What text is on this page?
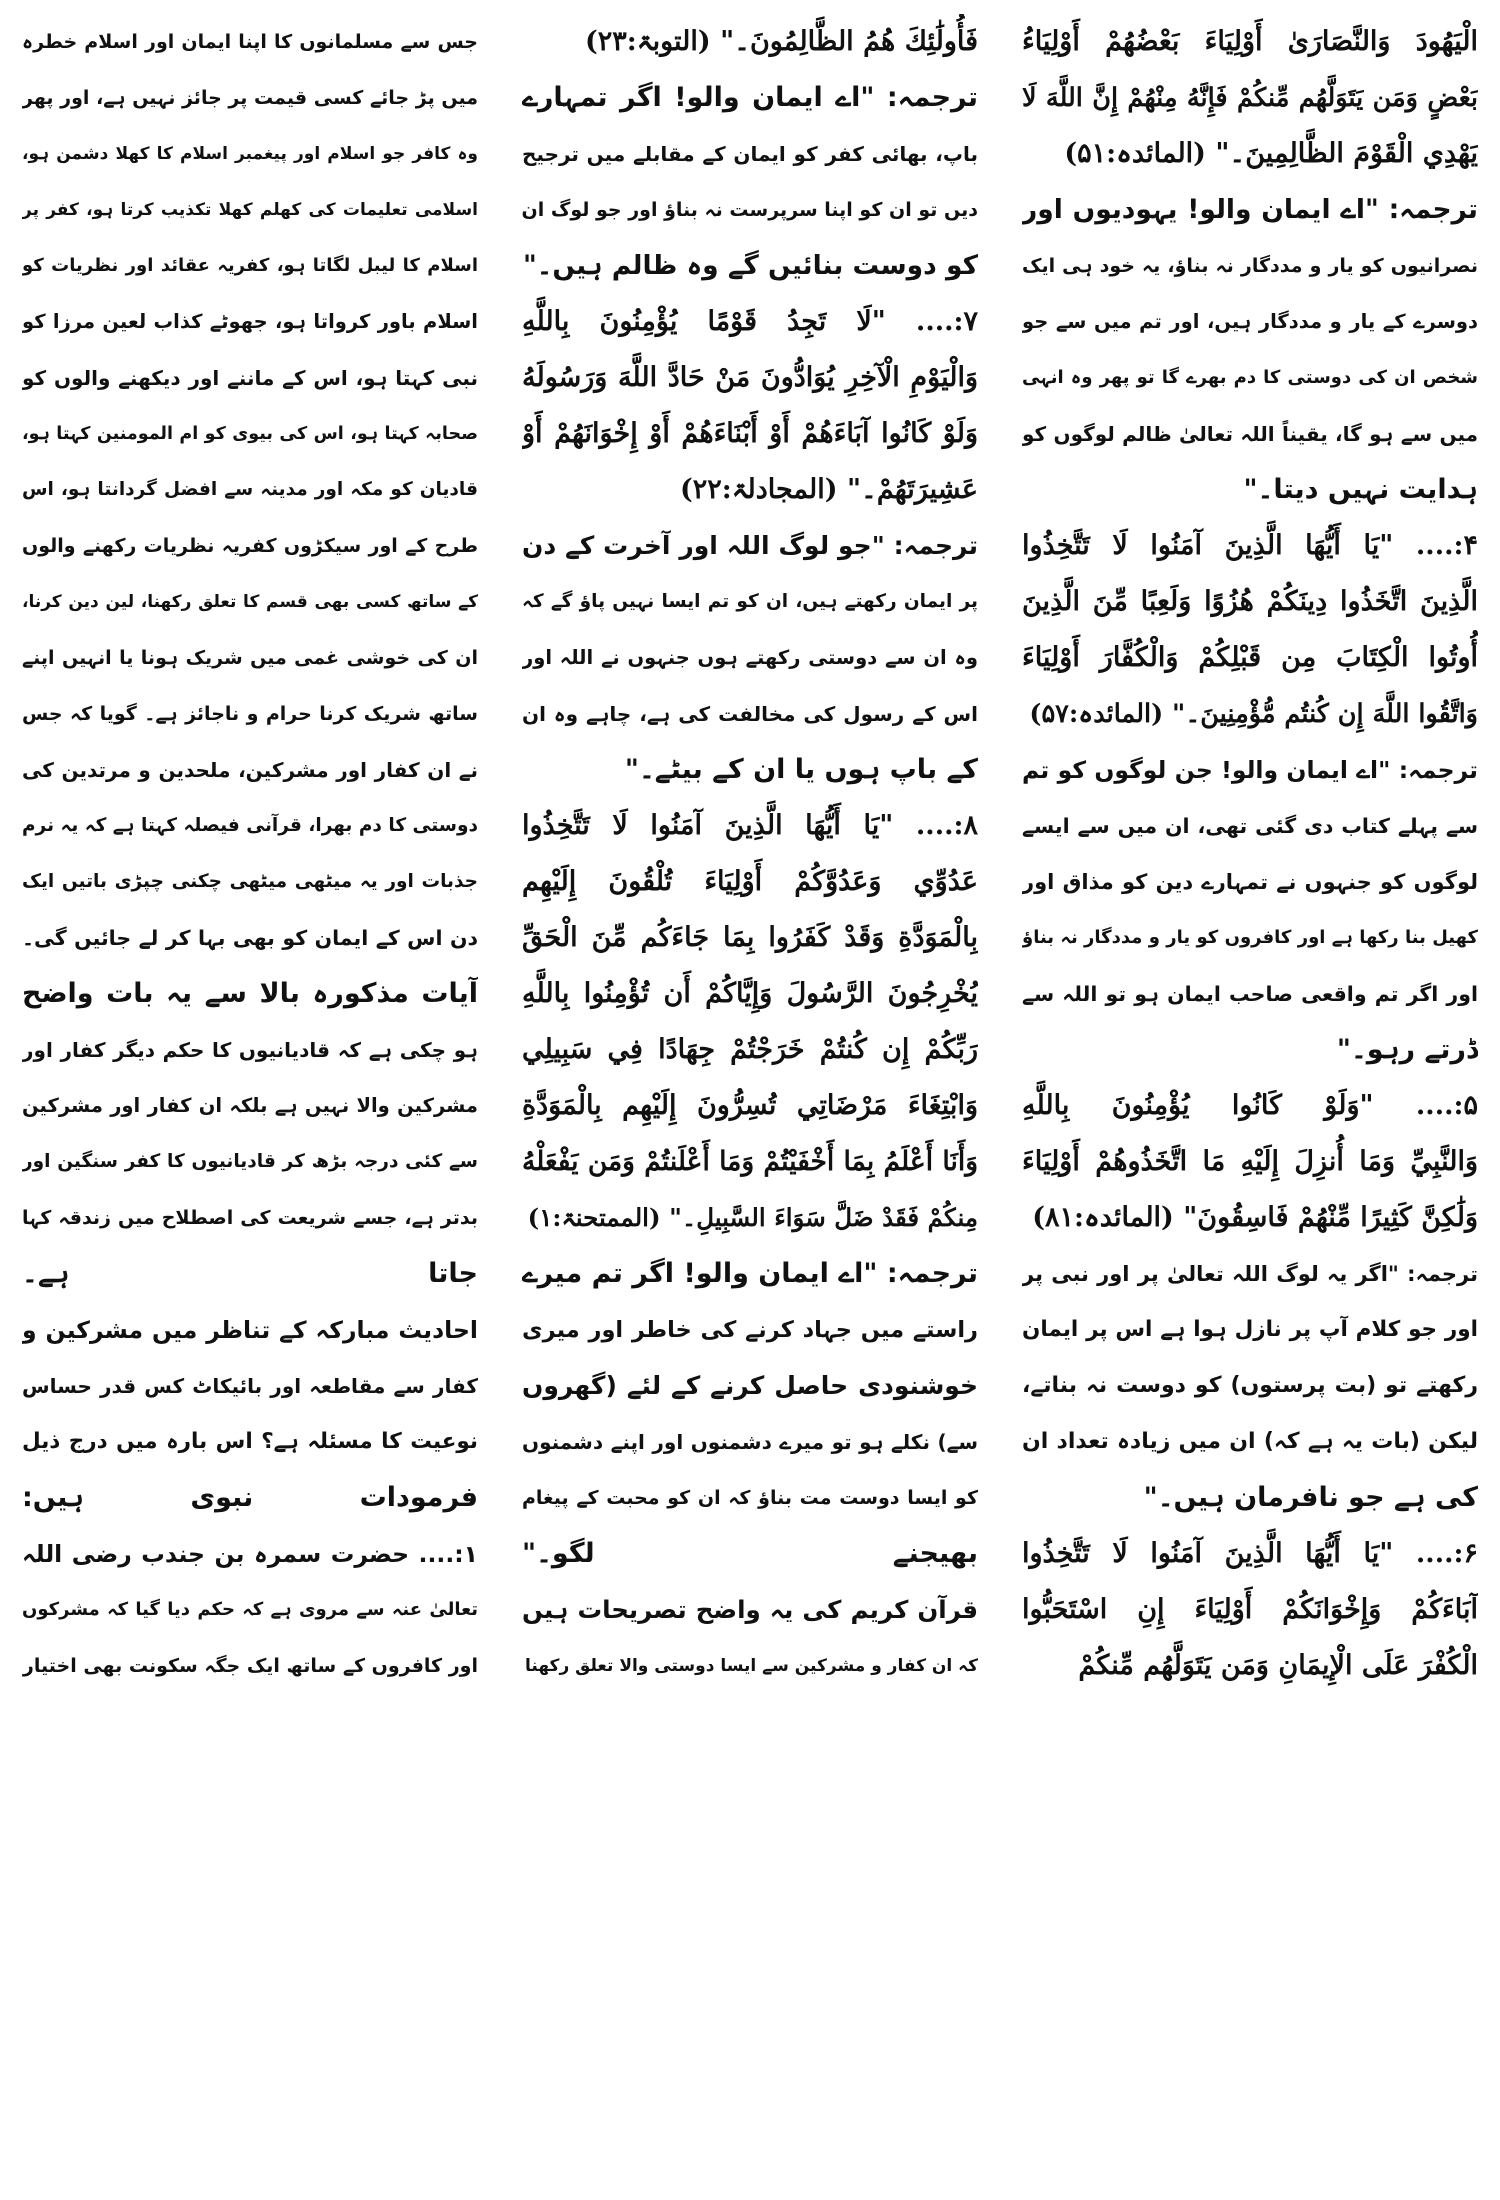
الْيَهُودَ وَالنَّصَارَىٰ أَوْلِيَاءَ بَعْضُهُمْ أَوْلِيَاءُ
بَعْضٍ وَمَن يَتَوَلَّهُم مِّنكُمْ فَإِنَّهُ مِنْهُمْ إِنَّ اللَّهَ لَا
يَهْدِي الْقَوْمَ الظَّالِمِينَ۔" (المائدہ:۵۱)
ترجمہ: "اے ایمان والو! یہودیوں اور
نصرانیوں کو یار و مددگار نہ بناؤ، یہ خود ہی ایک
دوسرے کے یار و مددگار ہیں، اور تم میں سے جو
شخص ان کی دوستی کا دم بھرے گا تو پھر وہ انہی
میں سے ہو گا، یقیناً اللہ تعالیٰ ظالم لوگوں کو
ہدایت نہیں دیتا۔"
۴:.... "يَا أَيُّهَا الَّذِينَ آمَنُوا لَا تَتَّخِذُوا
الَّذِينَ اتَّخَذُوا دِينَكُمْ هُزُوًا وَلَعِبًا مِّنَ الَّذِينَ
أُوتُوا الْكِتَابَ مِن قَبْلِكُمْ وَالْكُفَّارَ أَوْلِيَاءَ
وَاتَّقُوا اللَّهَ إِن كُنتُم مُّؤْمِنِينَ۔" (المائدہ:۵۷)
ترجمہ: "اے ایمان والو! جن لوگوں کو تم
سے پہلے کتاب دی گئی تھی، ان میں سے ایسے
لوگوں کو جنہوں نے تمہارے دین کو مذاق اور
کھیل بنا رکھا ہے اور کافروں کو یار و مددگار نہ بناؤ
اور اگر تم واقعی صاحب ایمان ہو تو اللہ سے
ڈرتے رہو۔"
۵:.... "وَلَوْ كَانُوا يُؤْمِنُونَ بِاللَّهِ
وَالنَّبِيِّ وَمَا أُنزِلَ إِلَيْهِ مَا اتَّخَذُوهُمْ أَوْلِيَاءَ
وَلَٰكِنَّ كَثِيرًا مِّنْهُمْ فَاسِقُونَ" (المائدہ:۸۱)
ترجمہ: "اگر یہ لوگ اللہ تعالیٰ پر اور نبی پر
اور جو کلام آپ پر نازل ہوا ہے اس پر ایمان
رکھتے تو (بت پرستوں) کو دوست نہ بناتے،
لیکن (بات یہ ہے کہ) ان میں زیادہ تعداد ان
کی ہے جو نافرمان ہیں۔"
۶:.... "يَا أَيُّهَا الَّذِينَ آمَنُوا لَا تَتَّخِذُوا
آبَاءَكُمْ وَإِخْوَانَكُمْ أَوْلِيَاءَ إِنِ اسْتَحَبُّوا
الْكُفْرَ عَلَى الْإِيمَانِ وَمَن يَتَوَلَّهُم مِّنكُمْ
فَأُولَٰئِكَ هُمُ الظَّالِمُونَ۔" (التوبۃ:۲۳)
ترجمہ: "اے ایمان والو! اگر تمہارے
باپ، بھائی کفر کو ایمان کے مقابلے میں ترجیح
دیں تو ان کو اپنا سرپرست نہ بناؤ اور جو لوگ ان
کو دوست بنائیں گے وہ ظالم ہیں۔"
۷:.... "لَا تَجِدُ قَوْمًا يُؤْمِنُونَ بِاللَّهِ
وَالْيَوْمِ الْآخِرِ يُوَادُّونَ مَنْ حَادَّ اللَّهَ وَرَسُولَهُ
وَلَوْ كَانُوا آبَاءَهُمْ أَوْ أَبْنَاءَهُمْ أَوْ إِخْوَانَهُمْ أَوْ
عَشِيرَتَهُمْ۔" (المجادلۃ:۲۲)
ترجمہ: "جو لوگ اللہ اور آخرت کے دن
پر ایمان رکھتے ہیں، ان کو تم ایسا نہیں پاؤ گے کہ
وہ ان سے دوستی رکھتے ہوں جنہوں نے اللہ اور
اس کے رسول کی مخالفت کی ہے، چاہے وہ ان
کے باپ ہوں یا ان کے بیٹے۔"
۸:.... "يَا أَيُّهَا الَّذِينَ آمَنُوا لَا تَتَّخِذُوا
عَدُوِّي وَعَدُوَّكُمْ أَوْلِيَاءَ تُلْقُونَ إِلَيْهِم
بِالْمَوَدَّةِ وَقَدْ كَفَرُوا بِمَا جَاءَكُم مِّنَ الْحَقِّ
يُخْرِجُونَ الرَّسُولَ وَإِيَّاكُمْ أَن تُؤْمِنُوا بِاللَّهِ
رَبِّكُمْ إِن كُنتُمْ خَرَجْتُمْ جِهَادًا فِي سَبِيلِي
وَابْتِغَاءَ مَرْضَاتِي تُسِرُّونَ إِلَيْهِم بِالْمَوَدَّةِ
وَأَنَا أَعْلَمُ بِمَا أَخْفَيْتُمْ وَمَا أَعْلَنتُمْ وَمَن يَفْعَلْهُ
مِنكُمْ فَقَدْ ضَلَّ سَوَاءَ السَّبِيلِ۔" (الممتحنۃ:۱)
ترجمہ: "اے ایمان والو! اگر تم میرے
راستے میں جہاد کرنے کی خاطر اور میری
خوشنودی حاصل کرنے کے لئے (گھروں
سے) نکلے ہو تو میرے دشمنوں اور اپنے دشمنوں
کو ایسا دوست مت بناؤ کہ ان کو محبت کے پیغام
بھیجنے لگو۔"
قرآن کریم کی یہ واضح تصریحات ہیں
کہ ان کفار و مشرکین سے ایسا دوستی والا تعلق رکھنا
جس سے مسلمانوں کا اپنا ایمان اور اسلام خطرہ
میں پڑ جائے کسی قیمت پر جائز نہیں ہے، اور پھر
وہ کافر جو اسلام اور پیغمبر اسلام کا کھلا دشمن ہو،
اسلامی تعلیمات کی کھلم کھلا تکذیب کرتا ہو، کفر پر
اسلام کا لیبل لگاتا ہو، کفریہ عقائد اور نظریات کو
اسلام باور کرواتا ہو، جھوٹے کذاب لعین مرزا کو
نبی کہتا ہو، اس کے ماننے اور دیکھنے والوں کو
صحابہ کہتا ہو، اس کی بیوی کو ام المومنین کہتا ہو،
قادیان کو مکہ اور مدینہ سے افضل گردانتا ہو، اس
طرح کے اور سیکڑوں کفریہ نظریات رکھنے والوں
کے ساتھ کسی بھی قسم کا تعلق رکھنا، لین دین کرنا،
ان کی خوشی غمی میں شریک ہونا یا انہیں اپنے
ساتھ شریک کرنا حرام و ناجائز ہے۔ گویا کہ جس
نے ان کفار اور مشرکین، ملحدین و مرتدین کی
دوستی کا دم بھرا، قرآنی فیصلہ کہتا ہے کہ یہ نرم
جذبات اور یہ میٹھی میٹھی چکنی چپڑی باتیں ایک
دن اس کے ایمان کو بھی بہا کر لے جائیں گی۔
آیات مذکورہ بالا سے یہ بات واضح
ہو چکی ہے کہ قادیانیوں کا حکم دیگر کفار اور
مشرکین والا نہیں ہے بلکہ ان کفار اور مشرکین
سے کئی درجہ بڑھ کر قادیانیوں کا کفر سنگین اور
بدتر ہے، جسے شریعت کی اصطلاح میں زندقہ کہا
جاتا ہے۔
احادیث مبارکہ کے تناظر میں مشرکین و
کفار سے مقاطعہ اور بائیکاٹ کس قدر حساس
نوعیت کا مسئلہ ہے؟ اس بارہ میں درج ذیل
فرمودات نبوی ہیں:
۱:.... حضرت سمرہ بن جندب رضی اللہ
تعالیٰ عنہ سے مروی ہے کہ حکم دیا گیا کہ مشرکوں
اور کافروں کے ساتھ ایک جگہ سکونت بھی اختیار
